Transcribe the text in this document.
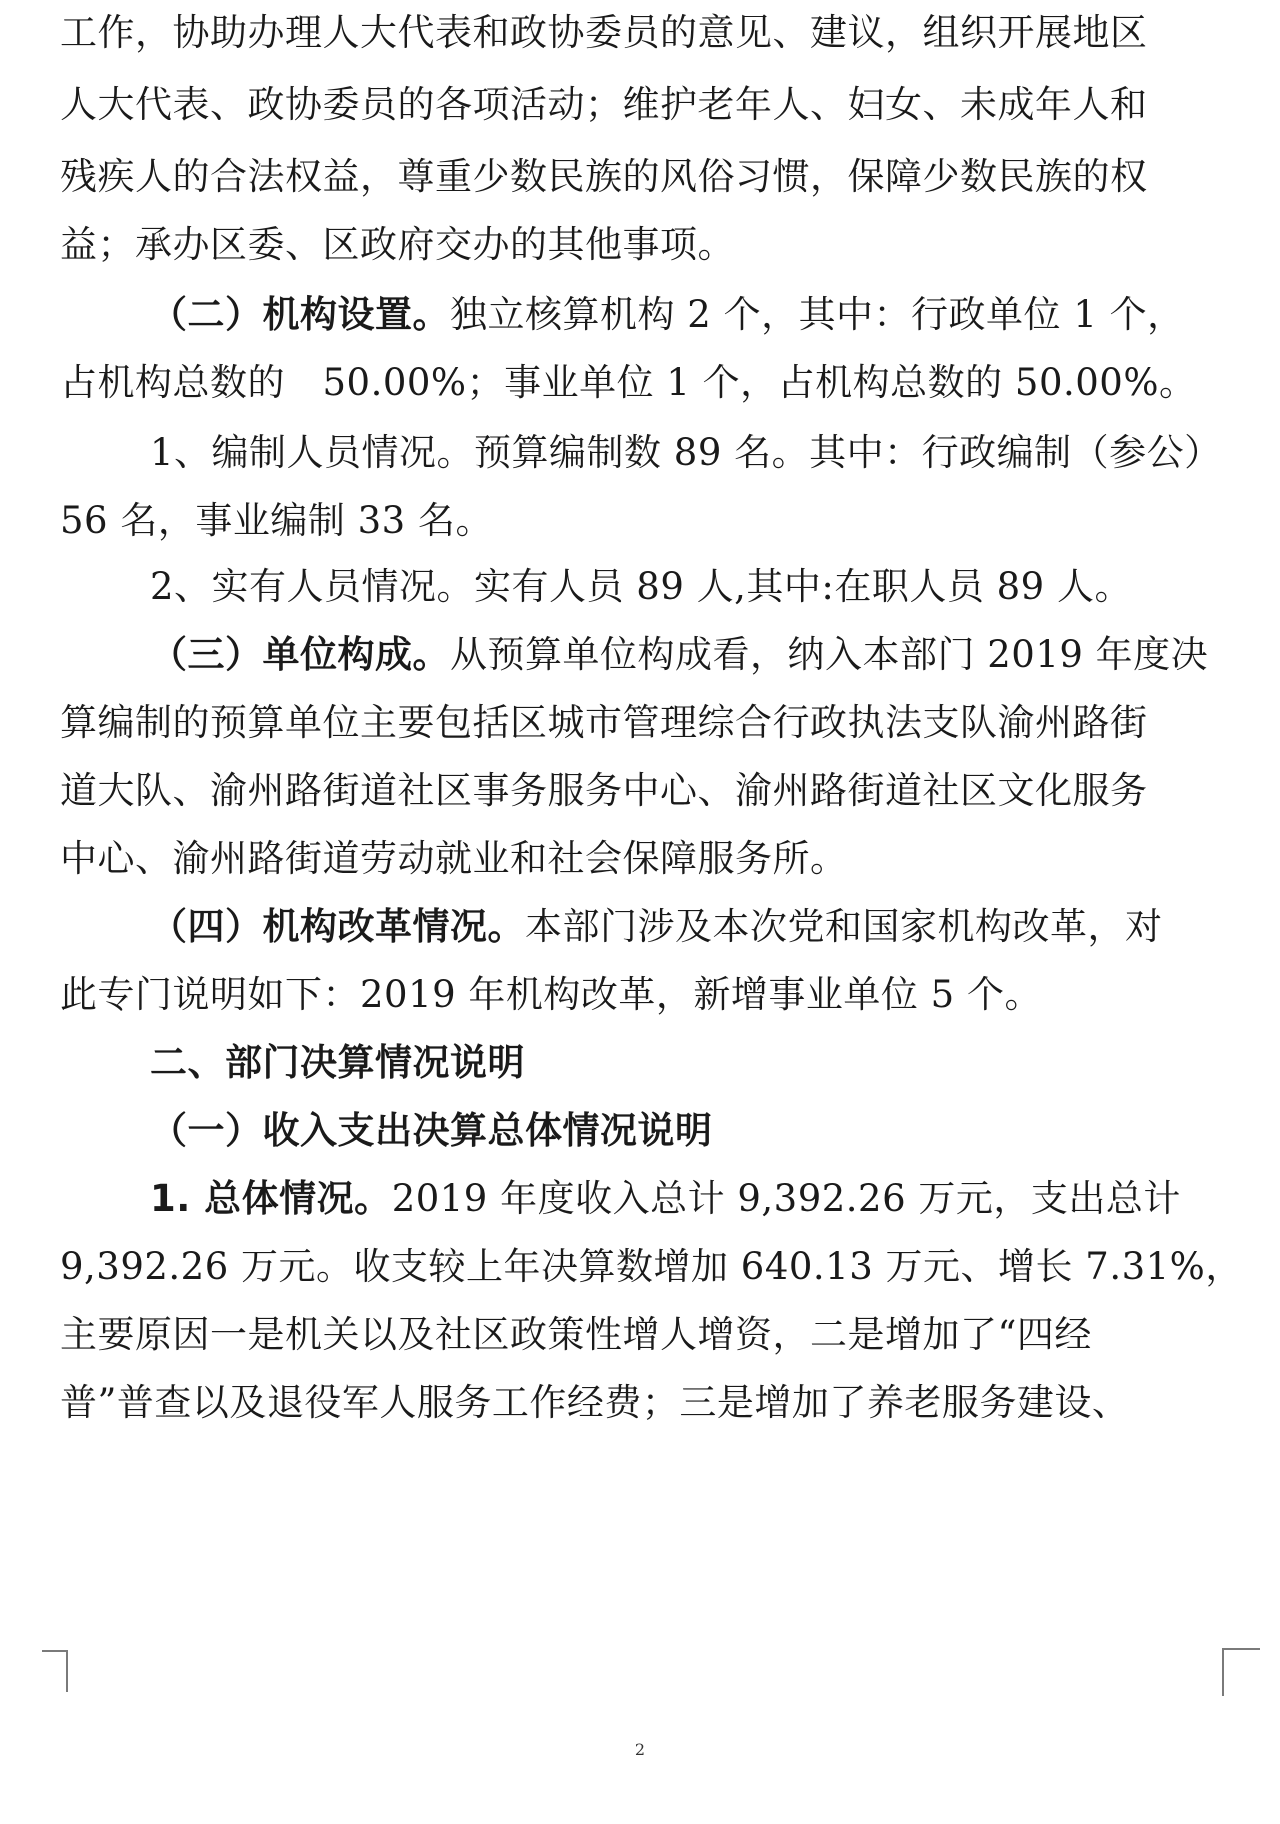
工作，协助办理人大代表和政协委员的意见、建议，组织开展地区
人大代表、政协委员的各项活动；维护老年人、妇女、未成年人和
残疾人的合法权益，尊重少数民族的风俗习惯，保障少数民族的权
益；承办区委、区政府交办的其他事项。
（二）机构设置。独立核算机构 2 个，其中：行政单位 1 个，
占机构总数的　50.00%；事业单位 1 个，占机构总数的 50.00%。
1、编制人员情况。预算编制数 89 名。其中：行政编制（参公）
56 名，事业编制 33 名。
2、实有人员情况。实有人员 89 人,其中:在职人员 89 人。
（三）单位构成。从预算单位构成看，纳入本部门 2019 年度决
算编制的预算单位主要包括区城市管理综合行政执法支队渝州路街
道大队、渝州路街道社区事务服务中心、渝州路街道社区文化服务
中心、渝州路街道劳动就业和社会保障服务所。
（四）机构改革情况。本部门涉及本次党和国家机构改革，对
此专门说明如下：2019 年机构改革，新增事业单位 5 个。
二、部门决算情况说明
（一）收入支出决算总体情况说明
1. 总体情况。2019 年度收入总计 9,392.26 万元，支出总计
9,392.26 万元。收支较上年决算数增加 640.13 万元、增长 7.31%，
主要原因一是机关以及社区政策性增人增资，二是增加了“四经
普”普查以及退役军人服务工作经费；三是增加了养老服务建设、
2
